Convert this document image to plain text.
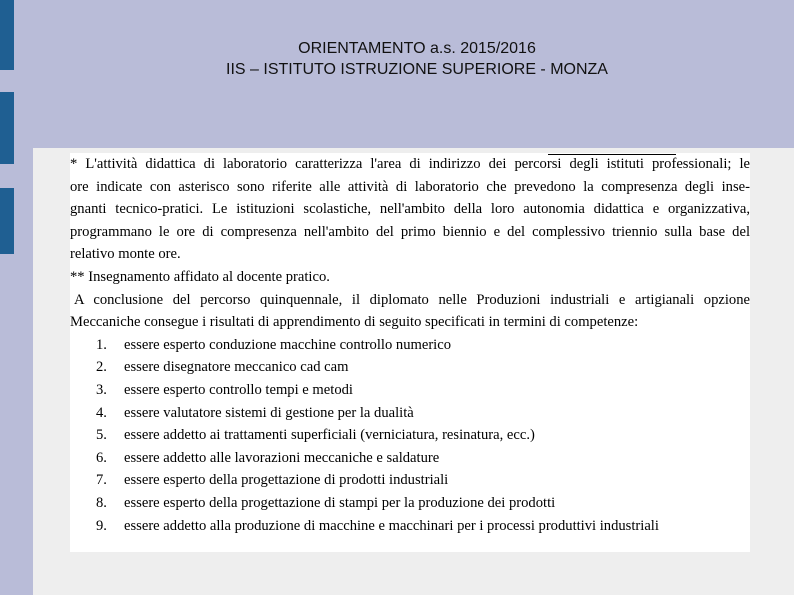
ORIENTAMENTO a.s. 2015/2016
IIS – ISTITUTO ISTRUZIONE SUPERIORE - MONZA
* L'attività didattica di laboratorio caratterizza l'area di indirizzo dei percorsi degli istituti professionali; le
ore indicate con asterisco sono riferite alle attività di laboratorio che prevedono la compresenza degli inse-
gnanti tecnico-pratici. Le istituzioni scolastiche, nell'ambito della loro autonomia didattica e organizzativa,
programmano le ore di compresenza nell'ambito del primo biennio e del complessivo triennio sulla base del
relativo monte ore.
** Insegnamento affidato al docente pratico.
A conclusione del percorso quinquennale, il diplomato nelle Produzioni industriali e artigianali opzione
Meccaniche consegue i risultati di apprendimento di seguito specificati in termini di competenze:
1.	essere esperto conduzione macchine controllo numerico
2.	essere disegnatore meccanico cad cam
3.	essere esperto controllo tempi e metodi
4.	essere valutatore sistemi di gestione per la dualità
5.	essere addetto ai trattamenti superficiali (verniciatura, resinatura, ecc.)
6.	essere addetto alle lavorazioni meccaniche e saldature
7.	essere esperto della progettazione di prodotti industriali
8.	essere esperto della progettazione di stampi per la produzione dei prodotti
9.	essere addetto alla produzione di macchine e macchinari per i processi produttivi industriali
